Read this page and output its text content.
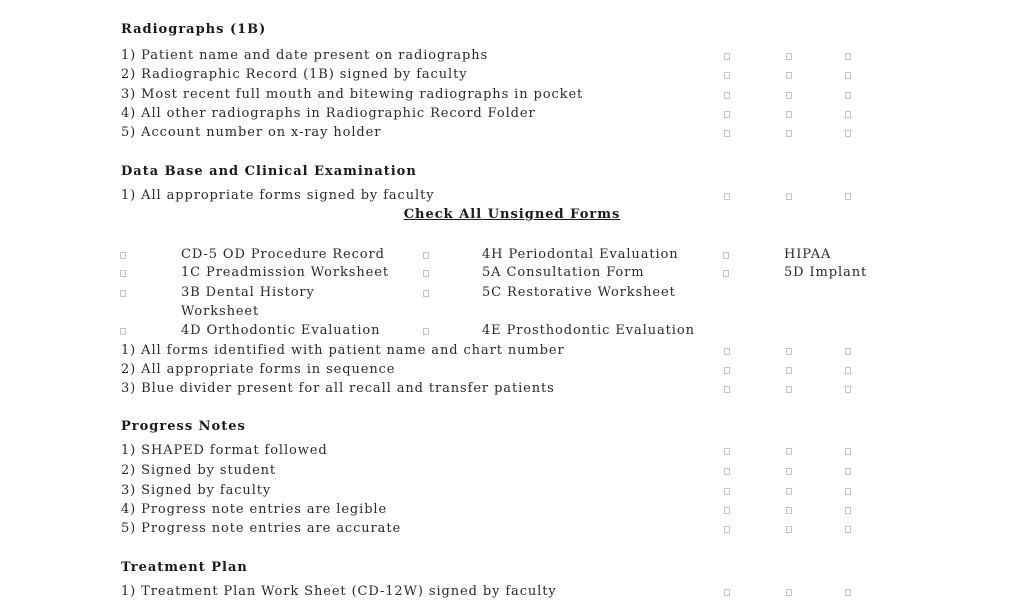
Radiographs (1B)
1) Patient name and date present on radiographs
2) Radiographic Record (1B) signed by faculty
3) Most recent full mouth and bitewing radiographs in pocket
4) All other radiographs in Radiographic Record Folder
5) Account number on x-ray holder
Data Base and Clinical Examination
1) All appropriate forms signed by faculty
Check All Unsigned Forms
CD-5 OD Procedure Record
1C Preadmission Worksheet
3B Dental History
Worksheet
4D Orthodontic Evaluation
4H Periodontal Evaluation
5A Consultation Form
5C Restorative Worksheet
4E Prosthodontic Evaluation
HIPAA
5D Implant
1) All forms identified with patient name and chart number
2) All appropriate forms in sequence
3) Blue divider present for all recall and transfer patients
Progress Notes
1) SHAPED format followed
2) Signed by student
3) Signed by faculty
4) Progress note entries are legible
5) Progress note entries are accurate
Treatment Plan
1) Treatment Plan Work Sheet (CD-12W) signed by faculty
